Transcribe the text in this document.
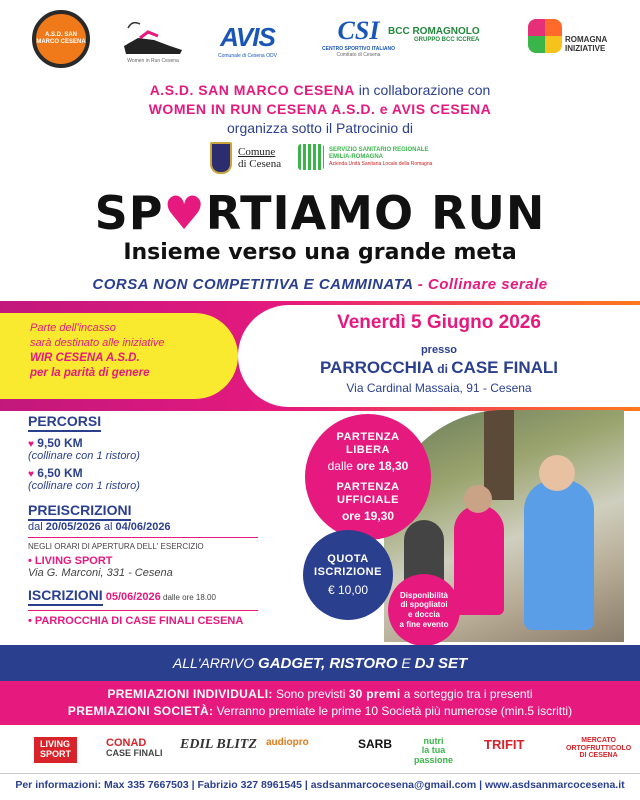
A.S.D. SAN MARCO CESENA
Women in Run Cesena
AVIS
Comunale di Cesena ODV
CSI
CENTRO SPORTIVO ITALIANO
Comitato di Cesena
BCC ROMAGNOLO
GRUPPO BCC ICCREA	ROMAGNA
INIZIATIVE
A.S.D. SAN MARCO CESENA in collaborazione con
WOMEN IN RUN CESENA A.S.D. e AVIS CESENA
organizza sotto il Patrocinio di
Comune
di Cesena
SERVIZIO SANITARIO REGIONALE
EMILIA-ROMAGNA
Azienda Unità Sanitaria Locale della Romagna
SP♥RTIAMO RUN
Insieme verso una grande meta
CORSA NON COMPETITIVA E CAMMINATA - Collinare serale
Parte dell'incasso
sarà destinato alle iniziative
WIR CESENA A.S.D.
per la parità di genere
Venerdì 5 Giugno 2026
presso
PARROCCHIA di CASE FINALI
Via Cardinal Massaia, 91 - Cesena
PERCORSI
♥ 9,50 KM
(collinare con 1 ristoro)
♥ 6,50 KM
(collinare con 1 ristoro)
PREISCRIZIONI
dal 20/05/2026 al 04/06/2026
NEGLI ORARI DI APERTURA DELL' ESERCIZIO
• LIVING SPORT
Via G. Marconi, 331 - Cesena
ISCRIZIONI 05/06/2026 dalle ore 18.00
• PARROCCHIA DI CASE FINALI CESENA
PARTENZA
LIBERA
dalle ore 18,30
PARTENZA
UFFICIALE
ore 19,30
QUOTA
ISCRIZIONE
€ 10,00	Disponibilità
di spogliatoi
e doccia
a fine evento
ALL'ARRIVO GADGET, RISTORO E DJ SET
PREMIAZIONI INDIVIDUALI: Sono previsti 30 premi a sorteggio tra i presenti
PREMIAZIONI SOCIETÀ: Verranno premiate le prime 10 Società più numerose (min.5 iscritti)
LIVING
SPORT
CONAD
CASE FINALI
EDIL BLITZ audiopro	SARB	nutri
la tua
passione
TRIFIT	MERCATO
ORTOFRUTTICOLO
DI CESENA
Per informazioni: Max 335 7667503 | Fabrizio 327 8961545 | asdsanmarcocesena@gmail.com | www.asdsanmarcocesena.it
